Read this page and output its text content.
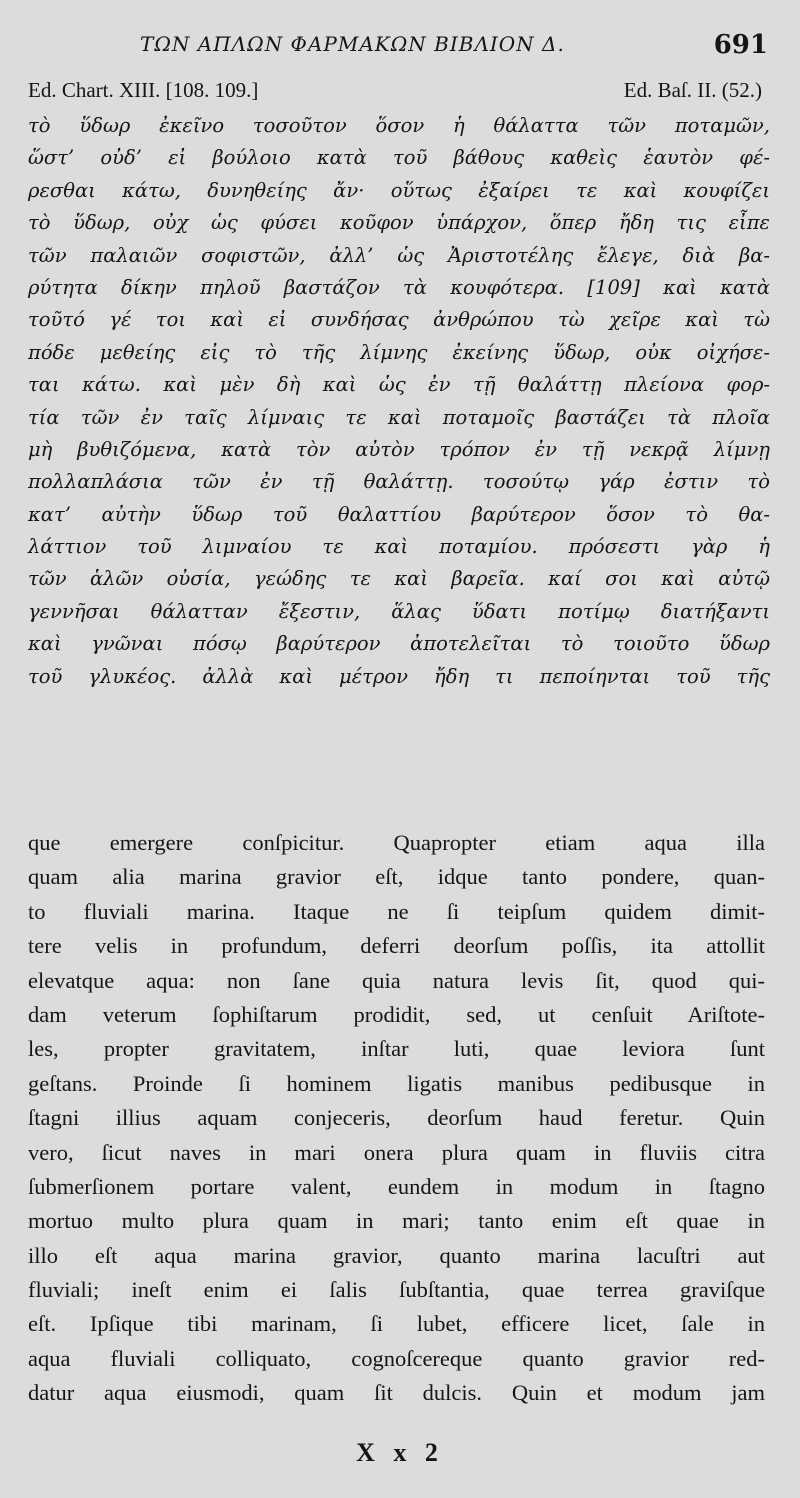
ΤΩΝ ΑΠΛΩΝ ΦΑΡΜΑΚΩΝ ΒΙΒΛΙΟΝ Δ.	691
Ed. Chart. XIII. [108. 109.]	Ed. Baſ. II. (52.)
τὸ ὕδωρ ἐκεῖνο τοσοῦτον ὅσον ἡ θάλαττα τῶν ποταμῶν,
ὥστ’ οὐδ’ εἰ βούλοιο κατὰ τοῦ βάθους καθεὶς ἑαυτὸν φέ-
ρεσθαι κάτω, δυνηθείης ἄν· οὕτως ἐξαίρει τε καὶ κουφίζει
τὸ ὕδωρ, οὐχ ὡς φύσει κοῦφον ὑπάρχον, ὅπερ ἤδη τις εἶπε
τῶν παλαιῶν σοφιστῶν, ἀλλ’ ὡς Ἀριστοτέλης ἔλεγε, διὰ βα-
ρύτητα δίκην πηλοῦ βαστάζον τὰ κουφότερα. [109] καὶ κατὰ
τοῦτό γέ τοι καὶ εἰ συνδήσας ἀνθρώπου τὼ χεῖρε καὶ τὼ
πόδε μεθείης εἰς τὸ τῆς λίμνης ἐκείνης ὕδωρ, οὐκ οἰχήσε-
ται κάτω. καὶ μὲν δὴ καὶ ὡς ἐν τῇ θαλάττῃ πλείονα φορ-
τία τῶν ἐν ταῖς λίμναις τε καὶ ποταμοῖς βαστάζει τὰ πλοῖα
μὴ βυθιζόμενα, κατὰ τὸν αὐτὸν τρόπον ἐν τῇ νεκρᾷ λίμνῃ
πολλαπλάσια τῶν ἐν τῇ θαλάττῃ. τοσούτῳ γάρ ἐστιν τὸ
κατ’ αὐτὴν ὕδωρ τοῦ θαλαττίου βαρύτερον ὅσον τὸ θα-
λάττιον τοῦ λιμναίου τε καὶ ποταμίου. πρόσεστι γὰρ ἡ
τῶν ἁλῶν οὐσία, γεώδης τε καὶ βαρεῖα. καί σοι καὶ αὐτῷ
γεννῆσαι θάλατταν ἔξεστιν, ἅλας ὕδατι ποτίμῳ διατήξαντι
καὶ γνῶναι πόσῳ βαρύτερον ἀποτελεῖται τὸ τοιοῦτο ὕδωρ
τοῦ γλυκέος. ἀλλὰ καὶ μέτρον ἤδη τι πεποίηνται τοῦ τῆς
que emergere conſpicitur. Quapropter etiam aqua illa
quam alia marina gravior eſt, idque tanto pondere, quan-
to fluviali marina. Itaque ne ſi teipſum quidem dimit-
tere velis in profundum, deferri deorſum poſſis, ita attollit
elevatque aqua: non ſane quia natura levis ſit, quod qui-
dam veterum ſophiſtarum prodidit, sed, ut cenſuit Ariſtote-
les, propter gravitatem, inſtar luti, quae leviora ſunt
geſtans. Proinde ſi hominem ligatis manibus pedibusque in
ſtagni illius aquam conjeceris, deorſum haud feretur. Quin
vero, ſicut naves in mari onera plura quam in fluviis citra
ſubmerſionem portare valent, eundem in modum in ſtagno
mortuo multo plura quam in mari; tanto enim eſt quae in
illo eſt aqua marina gravior, quanto marina lacuſtri aut
fluviali; ineſt enim ei ſalis ſubſtantia, quae terrea graviſque
eſt. Ipſique tibi marinam, ſi lubet, efficere licet, ſale in
aqua fluviali colliquato, cognoſcereque quanto gravior red-
datur aqua eiusmodi, quam ſit dulcis. Quin et modum jam
X x 2
